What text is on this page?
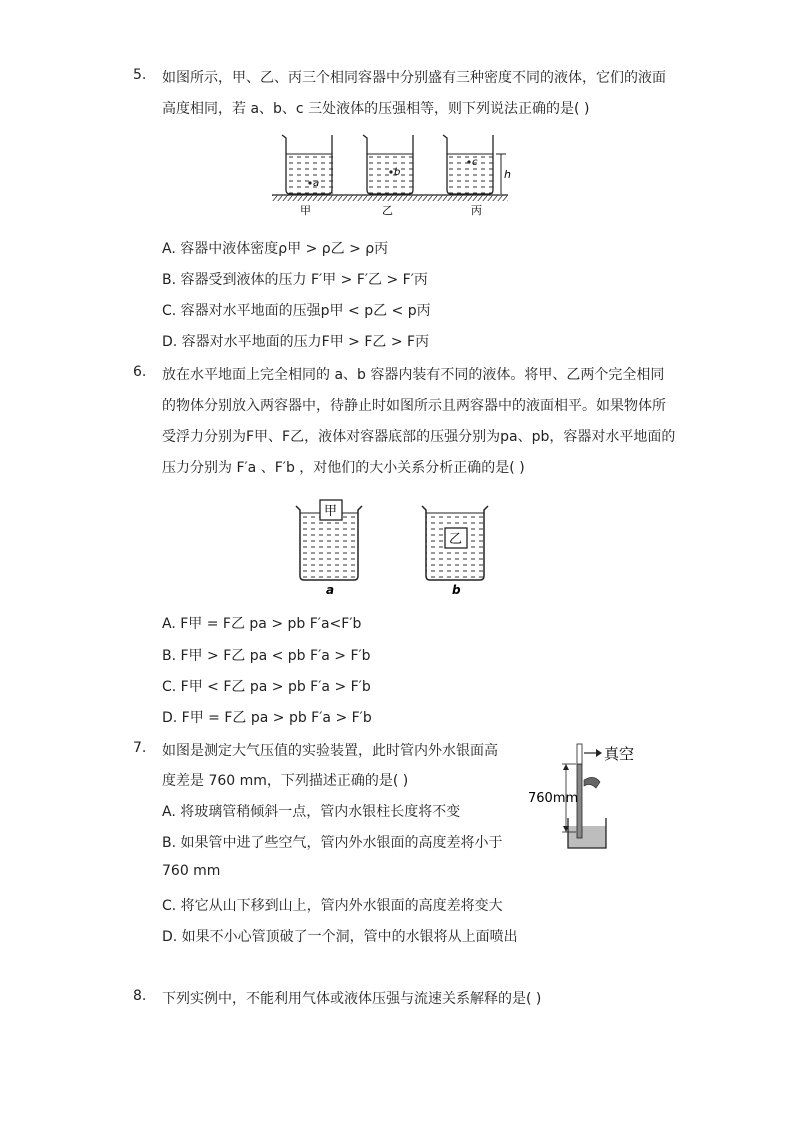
5. 如图所示，甲、乙、丙三个相同容器中分别盛有三种密度不同的液体，它们的液面
高度相同，若 a、b、c 三处液体的压强相等，则下列说法正确的是( )
a
b
c
h
甲	乙	丙
A. 容器中液体密度ρ甲 > ρ乙 > ρ丙
B. 容器受到液体的压力 F′甲 > F′乙 > F′丙
C. 容器对水平地面的压强p甲 < p乙 < p丙
D. 容器对水平地面的压力F甲 > F乙 > F丙
6. 放在水平地面上完全相同的 a、b 容器内装有不同的液体。将甲、乙两个完全相同
的物体分别放入两容器中，待静止时如图所示且两容器中的液面相平。如果物体所
受浮力分别为F甲、F乙，液体对容器底部的压强分别为pa、pb，容器对水平地面的
压力分别为 F′a 、F′b ，对他们的大小关系分析正确的是( )
甲
a
乙
b
A. F甲 = F乙 pa > pb F′a<F′b
B. F甲 > F乙 pa < pb F′a > F′b
C. F甲 < F乙 pa > pb F′a > F′b
D. F甲 = F乙 pa > pb F′a > F′b
7. 如图是测定大气压值的实验装置，此时管内外水银面高
度差是 760 mm，下列描述正确的是( )
A. 将玻璃管稍倾斜一点，管内水银柱长度将不变
B. 如果管中进了些空气，管内外水银面的高度差将小于
760 mm
C. 将它从山下移到山上，管内外水银面的高度差将变大
D. 如果不小心管顶破了一个洞，管中的水银将从上面喷出
真空
760mm
8. 下列实例中，不能利用气体或液体压强与流速关系解释的是( )
